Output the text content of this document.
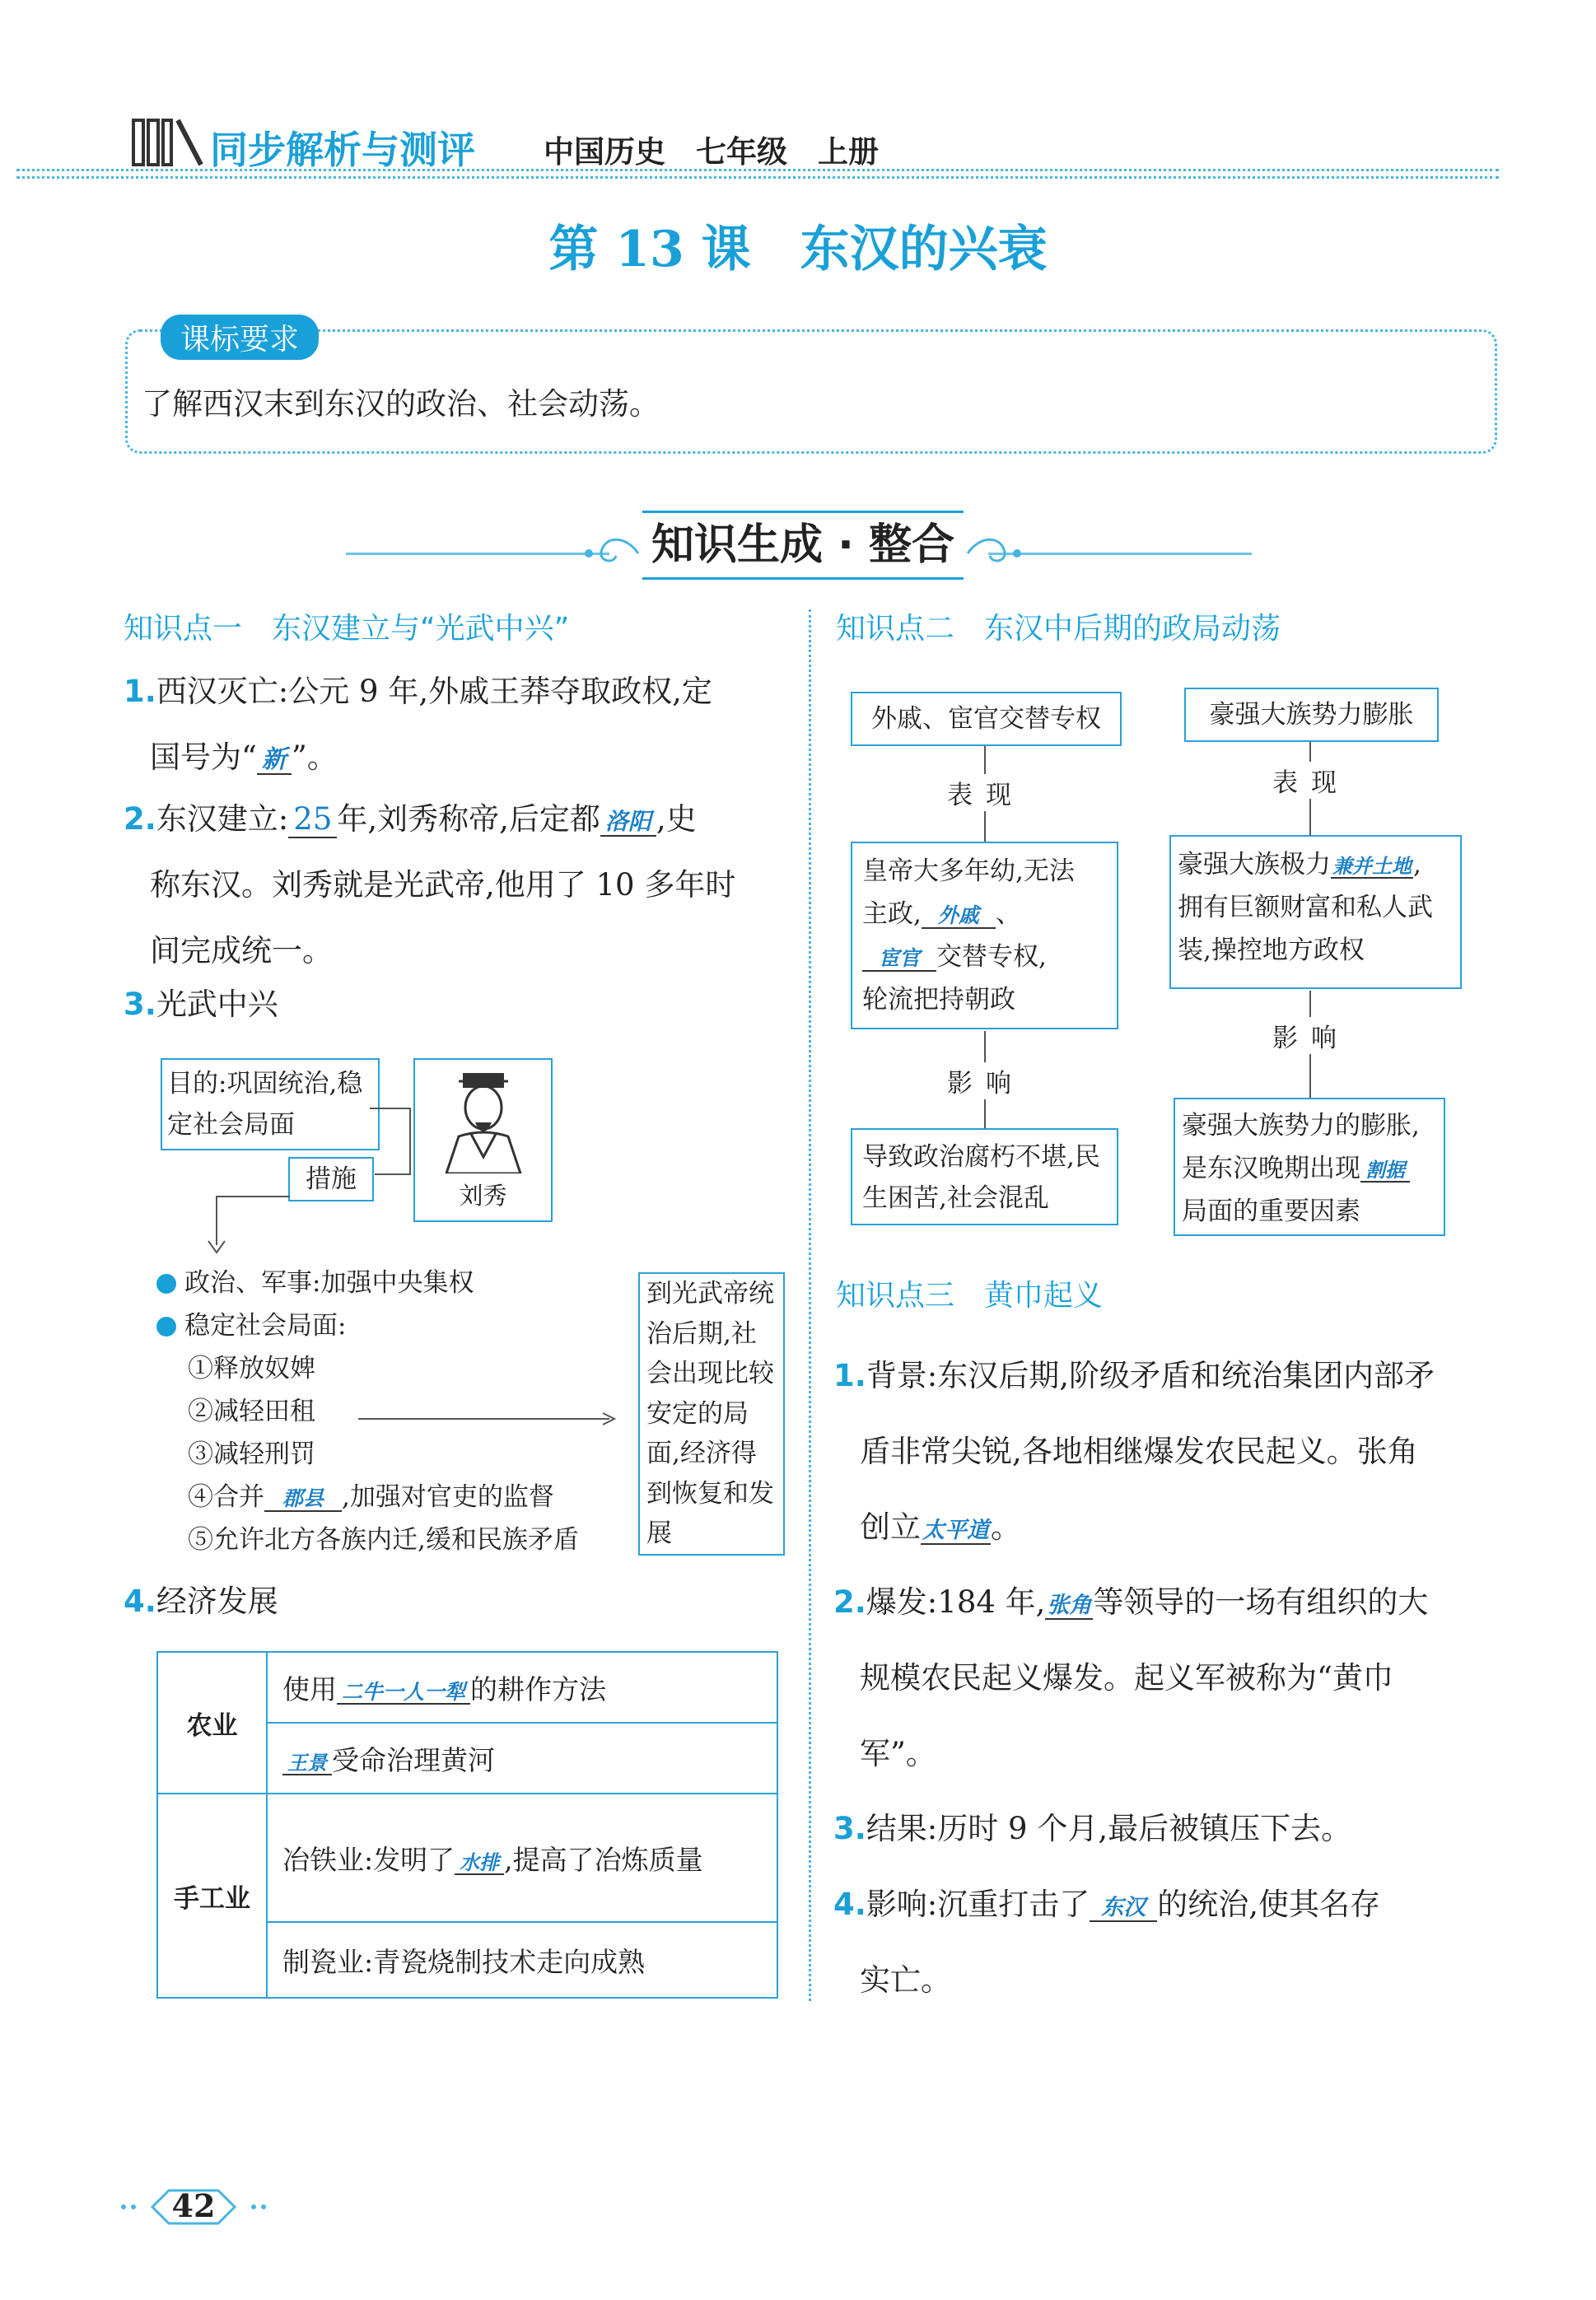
同步解析与测评 中国历史　七年级　上册
第 13 课　东汉的兴衰
课标要求
了解西汉末到东汉的政治、社会动荡。
知识生成 · 整合
知识点一　东汉建立与“光武中兴”
1.西汉灭亡:公元 9 年,外戚王莽夺取政权,定
国号为“ 新 ”。
2.东汉建立: 25 年,刘秀称帝,后定都 洛阳 ,史
称东汉。刘秀就是光武帝,他用了 10 多年时
间完成统一。
3.光武中兴
目的:巩固统治,稳定社会局面
措施
刘秀
政治、军事:加强中央集权
稳定社会局面:
①释放奴婢
②减轻田租
③减轻刑罚
④合并 郡县 ,加强对官吏的监督
⑤允许北方各族内迁,缓和民族矛盾
到光武帝统治后期,社会出现比较安定的局面,经济得到恢复和发展
4.经济发展
农业	使用 二牛一人一犁 的耕作方法
	王景 受命治理黄河
手工业	冶铁业:发明了 水排 ,提高了冶炼质量
	制瓷业:青瓷烧制技术走向成熟
知识点二　东汉中后期的政局动荡
外戚、宦官交替专权
表现
皇帝大多年幼,无法
主政, 外戚 、
宦官 交替专权,
轮流把持朝政
影响
导致政治腐朽不堪,民生困苦,社会混乱
豪强大族势力膨胀
表现
豪强大族极力兼并土地,
拥有巨额财富和私人武装,操控地方政权
影响
豪强大族势力的膨胀,
是东汉晚期出现 割据
局面的重要因素
知识点三　黄巾起义
1.背景:东汉后期,阶级矛盾和统治集团内部矛
盾非常尖锐,各地相继爆发农民起义。张角
创立太平道。
2.爆发:184 年,张角等领导的一场有组织的大
规模农民起义爆发。起义军被称为“黄巾
军”。
3.结果:历时 9 个月,最后被镇压下去。
4.影响:沉重打击了 东汉 的统治,使其名存
实亡。
42
